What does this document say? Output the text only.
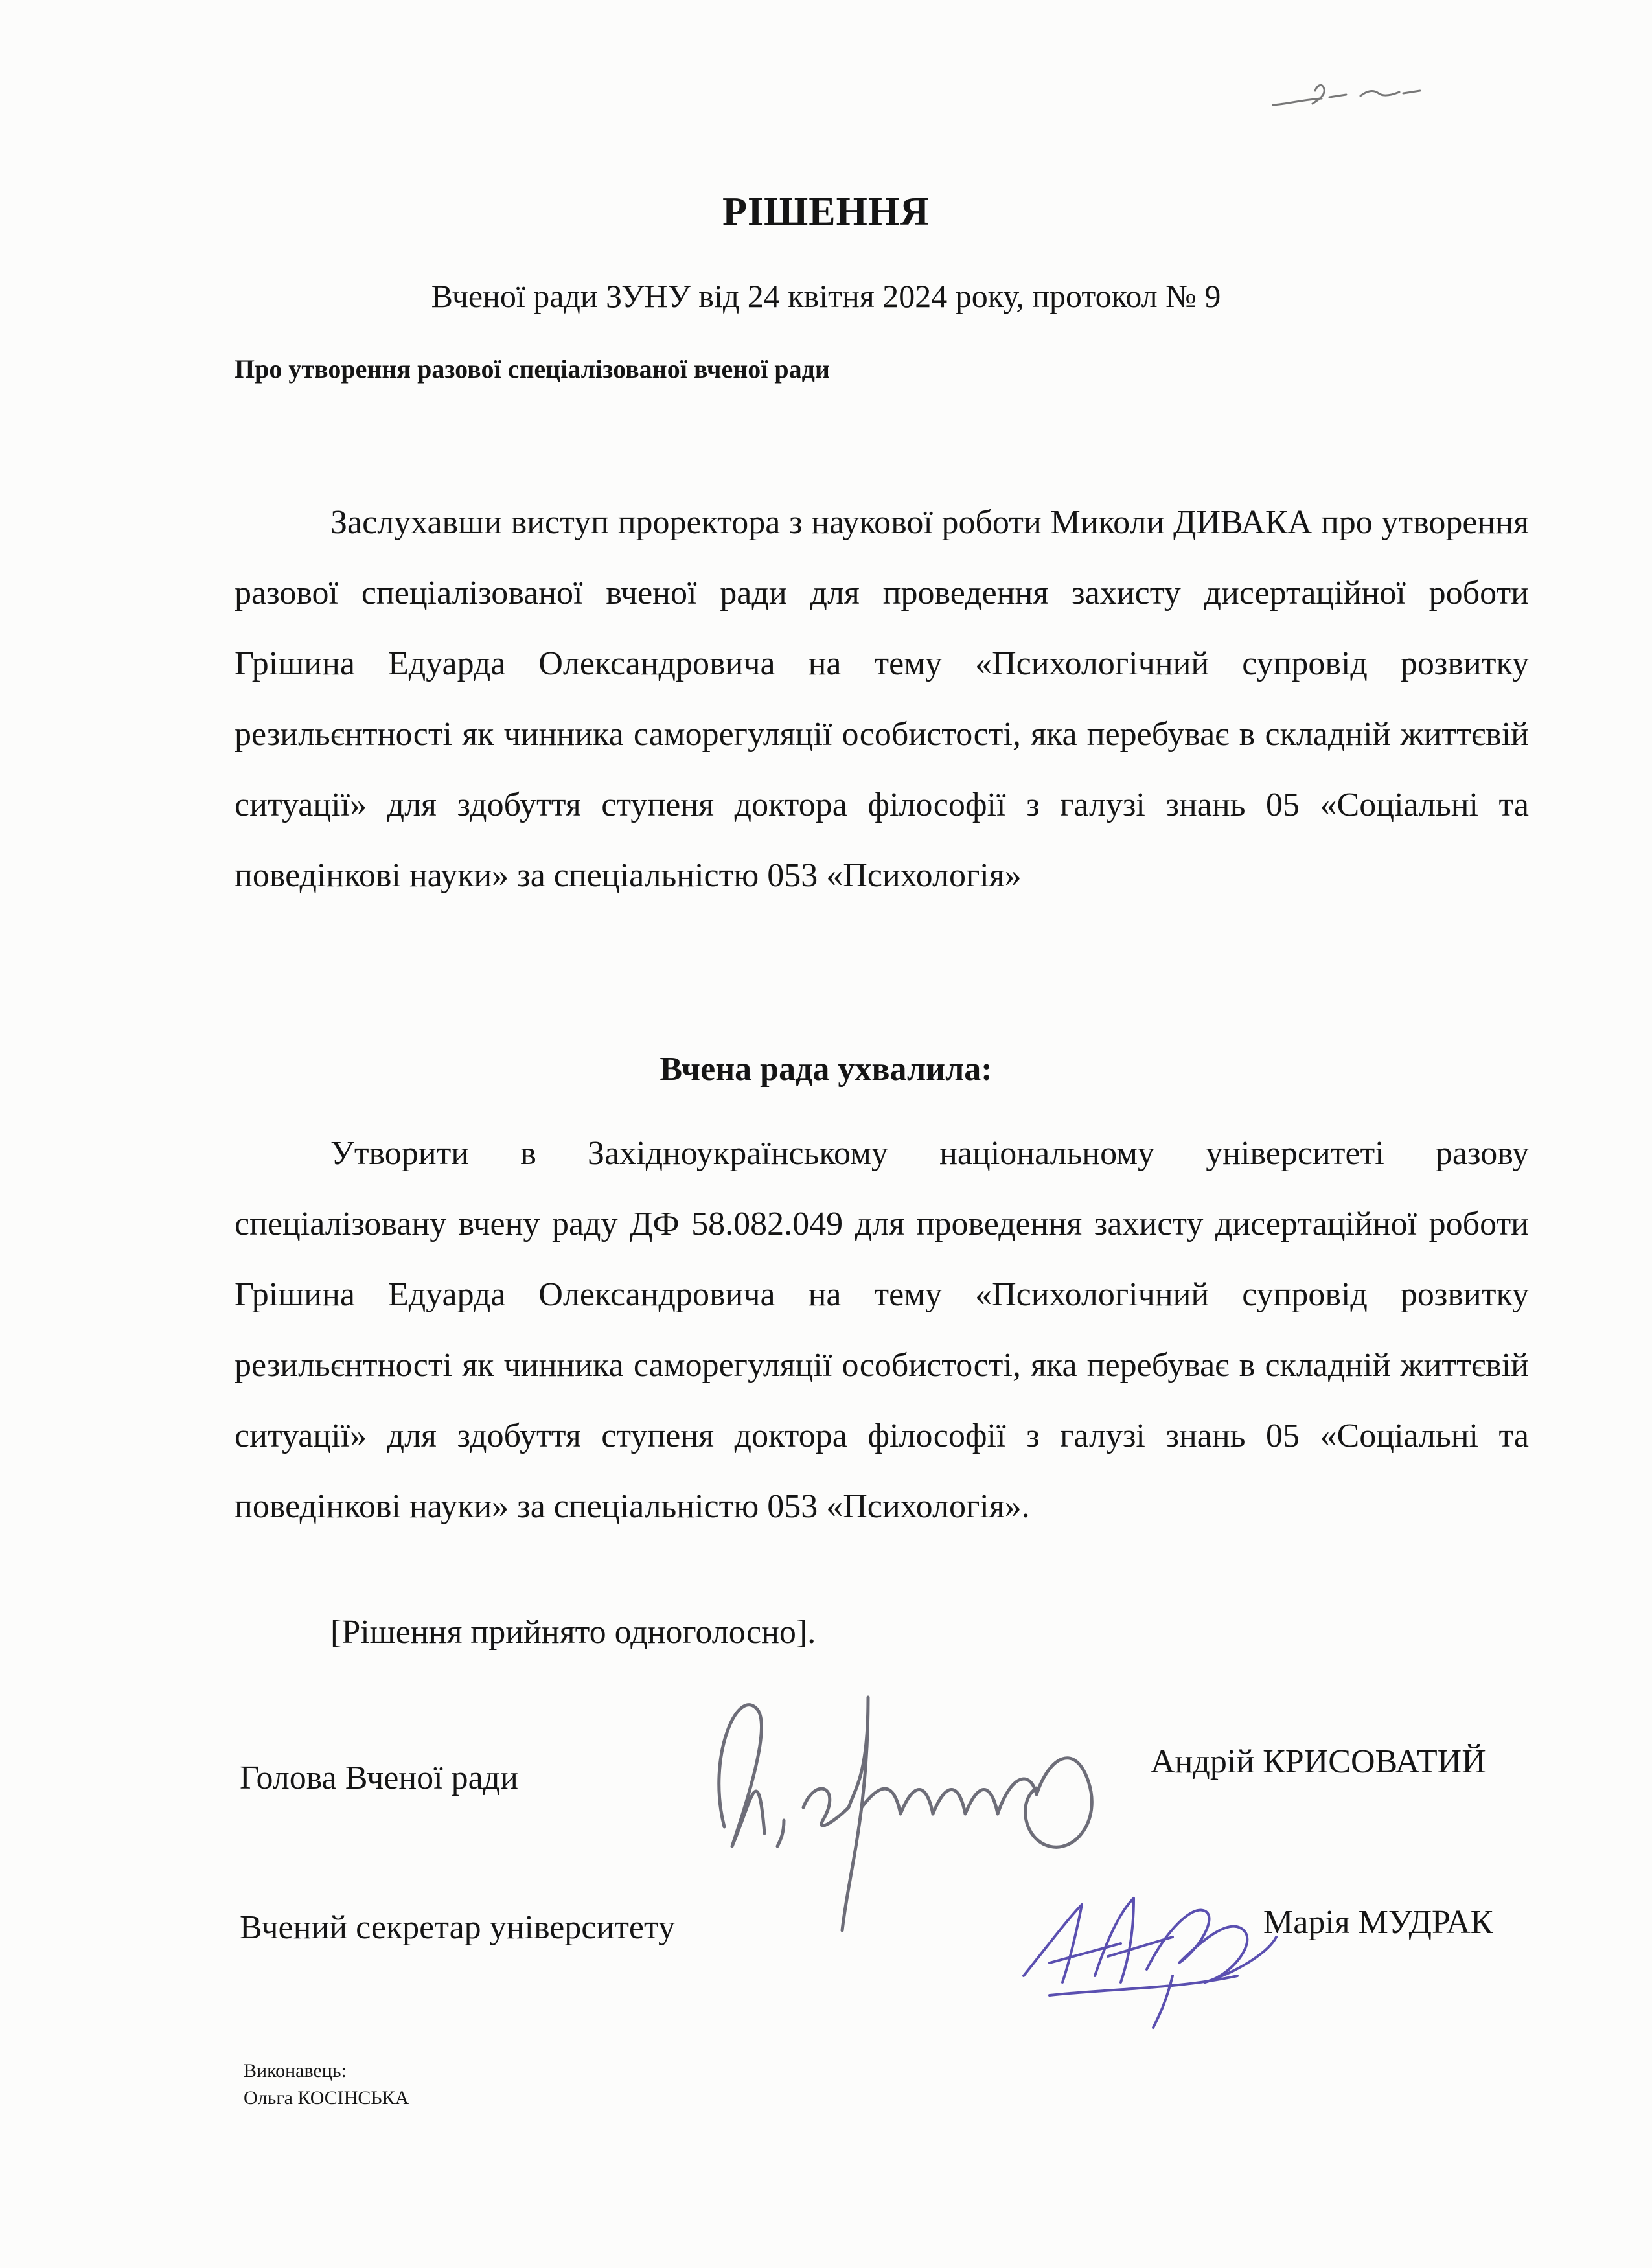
РІШЕННЯ
Вченої ради ЗУНУ від 24 квітня 2024 року, протокол № 9
Про утворення разової спеціалізованої вченої ради

Заслухавши виступ проректора з наукової роботи Миколи ДИВАКА про утворення разової спеціалізованої вченої ради для проведення захисту дисертаційної роботи Грішина Едуарда Олександровича на тему «Психологічний супровід розвитку резильєнтності як чинника саморегуляції особистості, яка перебуває в складній життєвій ситуації» для здобуття ступеня доктора філософії з галузі знань 05 «Соціальні та поведінкові науки» за спеціальністю 053 «Психологія»

Вчена рада ухвалила:

Утворити в Західноукраїнському національному університеті разову спеціалізовану вчену раду ДФ 58.082.049 для проведення захисту дисертаційної роботи Грішина Едуарда Олександровича на тему «Психологічний супровід розвитку резильєнтності як чинника саморегуляції особистості, яка перебуває в складній життєвій ситуації» для здобуття ступеня доктора філософії з галузі знань 05 «Соціальні та поведінкові науки» за спеціальністю 053 «Психологія».

[Рішення прийнято одноголосно].
Голова Вченої ради	Андрій КРИСОВАТИЙ
Вчений секретар університету	Марія МУДРАК
Виконавець:
Ольга КОСІНСЬКА
